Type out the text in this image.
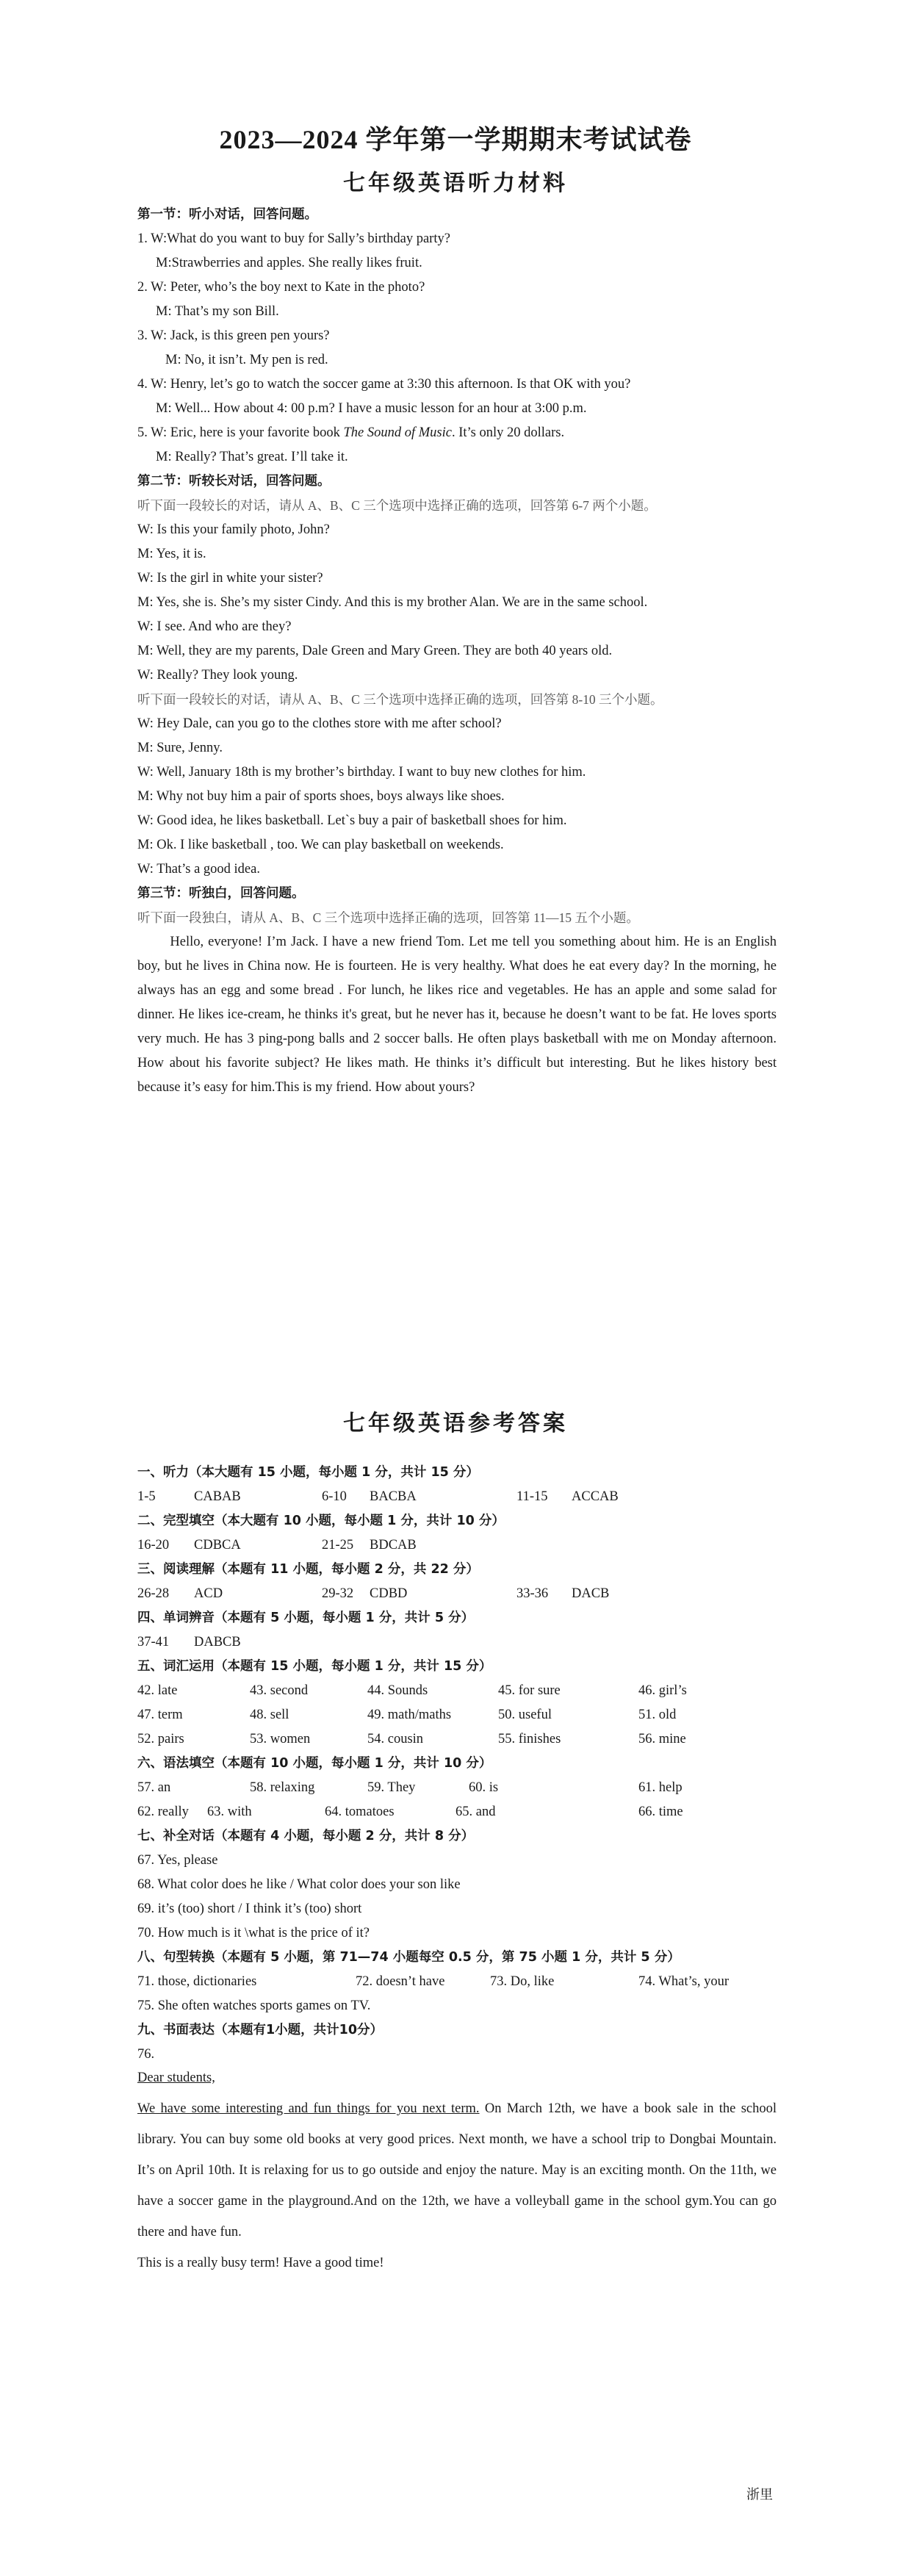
2023—2024 学年第一学期期末考试试卷
七年级英语听力材料
第一节：听小对话，回答问题。
1. W:What do you want to buy for Sally’s birthday party?
M:Strawberries and apples. She really likes fruit.
2. W: Peter, who’s the boy next to Kate in the photo?
M: That’s my son Bill.
3. W: Jack, is this green pen yours?
M: No, it isn’t. My pen is red.
4. W: Henry, let’s go to watch the soccer game at 3:30 this afternoon. Is that OK with you?
M: Well... How about 4: 00 p.m? I have a music lesson for an hour at 3:00 p.m.
5. W: Eric, here is your favorite book The Sound of Music. It’s only 20 dollars.
M: Really? That’s great. I’ll take it.
第二节：听较长对话，回答问题。
听下面一段较长的对话，请从 A、B、C 三个选项中选择正确的选项，回答第 6-7 两个小题。
W: Is this your family photo, John?
M: Yes, it is.
W: Is the girl in white your sister?
M: Yes, she is. She’s my sister Cindy. And this is my brother Alan. We are in the same school.
W: I see. And who are they?
M: Well, they are my parents, Dale Green and Mary Green. They are both 40 years old.
W: Really? They look young.
听下面一段较长的对话，请从 A、B、C 三个选项中选择正确的选项，回答第 8-10 三个小题。
W: Hey Dale, can you go to the clothes store with me after school?
M: Sure, Jenny.
W: Well, January 18th is my brother’s birthday. I want to buy new clothes for him.
M: Why not buy him a pair of sports shoes, boys always like shoes.
W: Good idea, he likes basketball. Let`s buy a pair of basketball shoes for him.
M: Ok. I like basketball , too. We can play basketball on weekends.
W: That’s a good idea.
第三节：听独白，回答问题。
听下面一段独白，请从 A、B、C 三个选项中选择正确的选项，回答第 11—15 五个小题。

Hello, everyone! I’m Jack. I have a new friend Tom. Let me tell you something about him. He is an English boy, but he lives in China now. He is fourteen. He is very healthy. What does he eat every day? In the morning, he always has an egg and some bread . For lunch, he likes rice and vegetables. He has an apple and some salad for dinner. He likes ice-cream, he thinks it's great, but he never has it, because he doesn’t want to be fat. He loves sports very much. He has 3 ping-pong balls and 2 soccer balls. He often plays basketball with me on Monday afternoon. How about his favorite subject? He likes math. He thinks it’s difficult but interesting. But he likes history best because it’s easy for him.This is my friend. How about yours?

七年级英语参考答案
一、听力（本大题有 15 小题，每小题 1 分，共计 15 分）
1-5	CABAB	6-10	BACBA	11-15	ACCAB
二、完型填空（本大题有 10 小题，每小题 1 分，共计 10 分）
16-20	CDBCA	21-25	BDCAB
三、阅读理解（本题有 11 小题，每小题 2 分，共 22 分）
26-28	ACD	29-32	CDBD	33-36	DACB
四、单词辨音（本题有 5 小题，每小题 1 分，共计 5 分）
37-41	DABCB
五、词汇运用（本题有 15 小题，每小题 1 分，共计 15 分）
42. late	43. second	44. Sounds	45. for sure	46. girl’s
47. term	48. sell	49. math/maths	50. useful	51. old
52. pairs	53. women	54. cousin	55. finishes	56. mine
六、语法填空（本题有 10 小题，每小题 1 分，共计 10 分）
57. an	58. relaxing	59. They	60. is	61. help
62. really	63. with	64. tomatoes	65. and	66. time
七、补全对话（本题有 4 小题，每小题 2 分，共计 8 分）
67. Yes, please
68. What color does he like / What color does your son like
69. it’s (too) short / I think it’s (too) short
70. How much is it \what is the price of it?
八、句型转换（本题有 5 小题，第 71—74 小题每空 0.5 分，第 75 小题 1 分，共计 5 分）
71. those, dictionaries	72. doesn’t have	73. Do, like	74. What’s, your
75. She often watches sports games on TV.
九、书面表达（本题有1小题，共计10分）
76.

Dear students,

We have some interesting and fun things for you next term. On March 12th, we have a book sale in the school library. You can buy some old books at very good prices. Next month, we have a school trip to Dongbai Mountain. It’s on April 10th. It is relaxing for us to go outside and enjoy the nature. May is an exciting month. On the 11th, we have a soccer game in the playground.And on the 12th, we have a volleyball game in the school gym.You can go there and have fun.

This is a really busy term! Have a good time!

浙里
